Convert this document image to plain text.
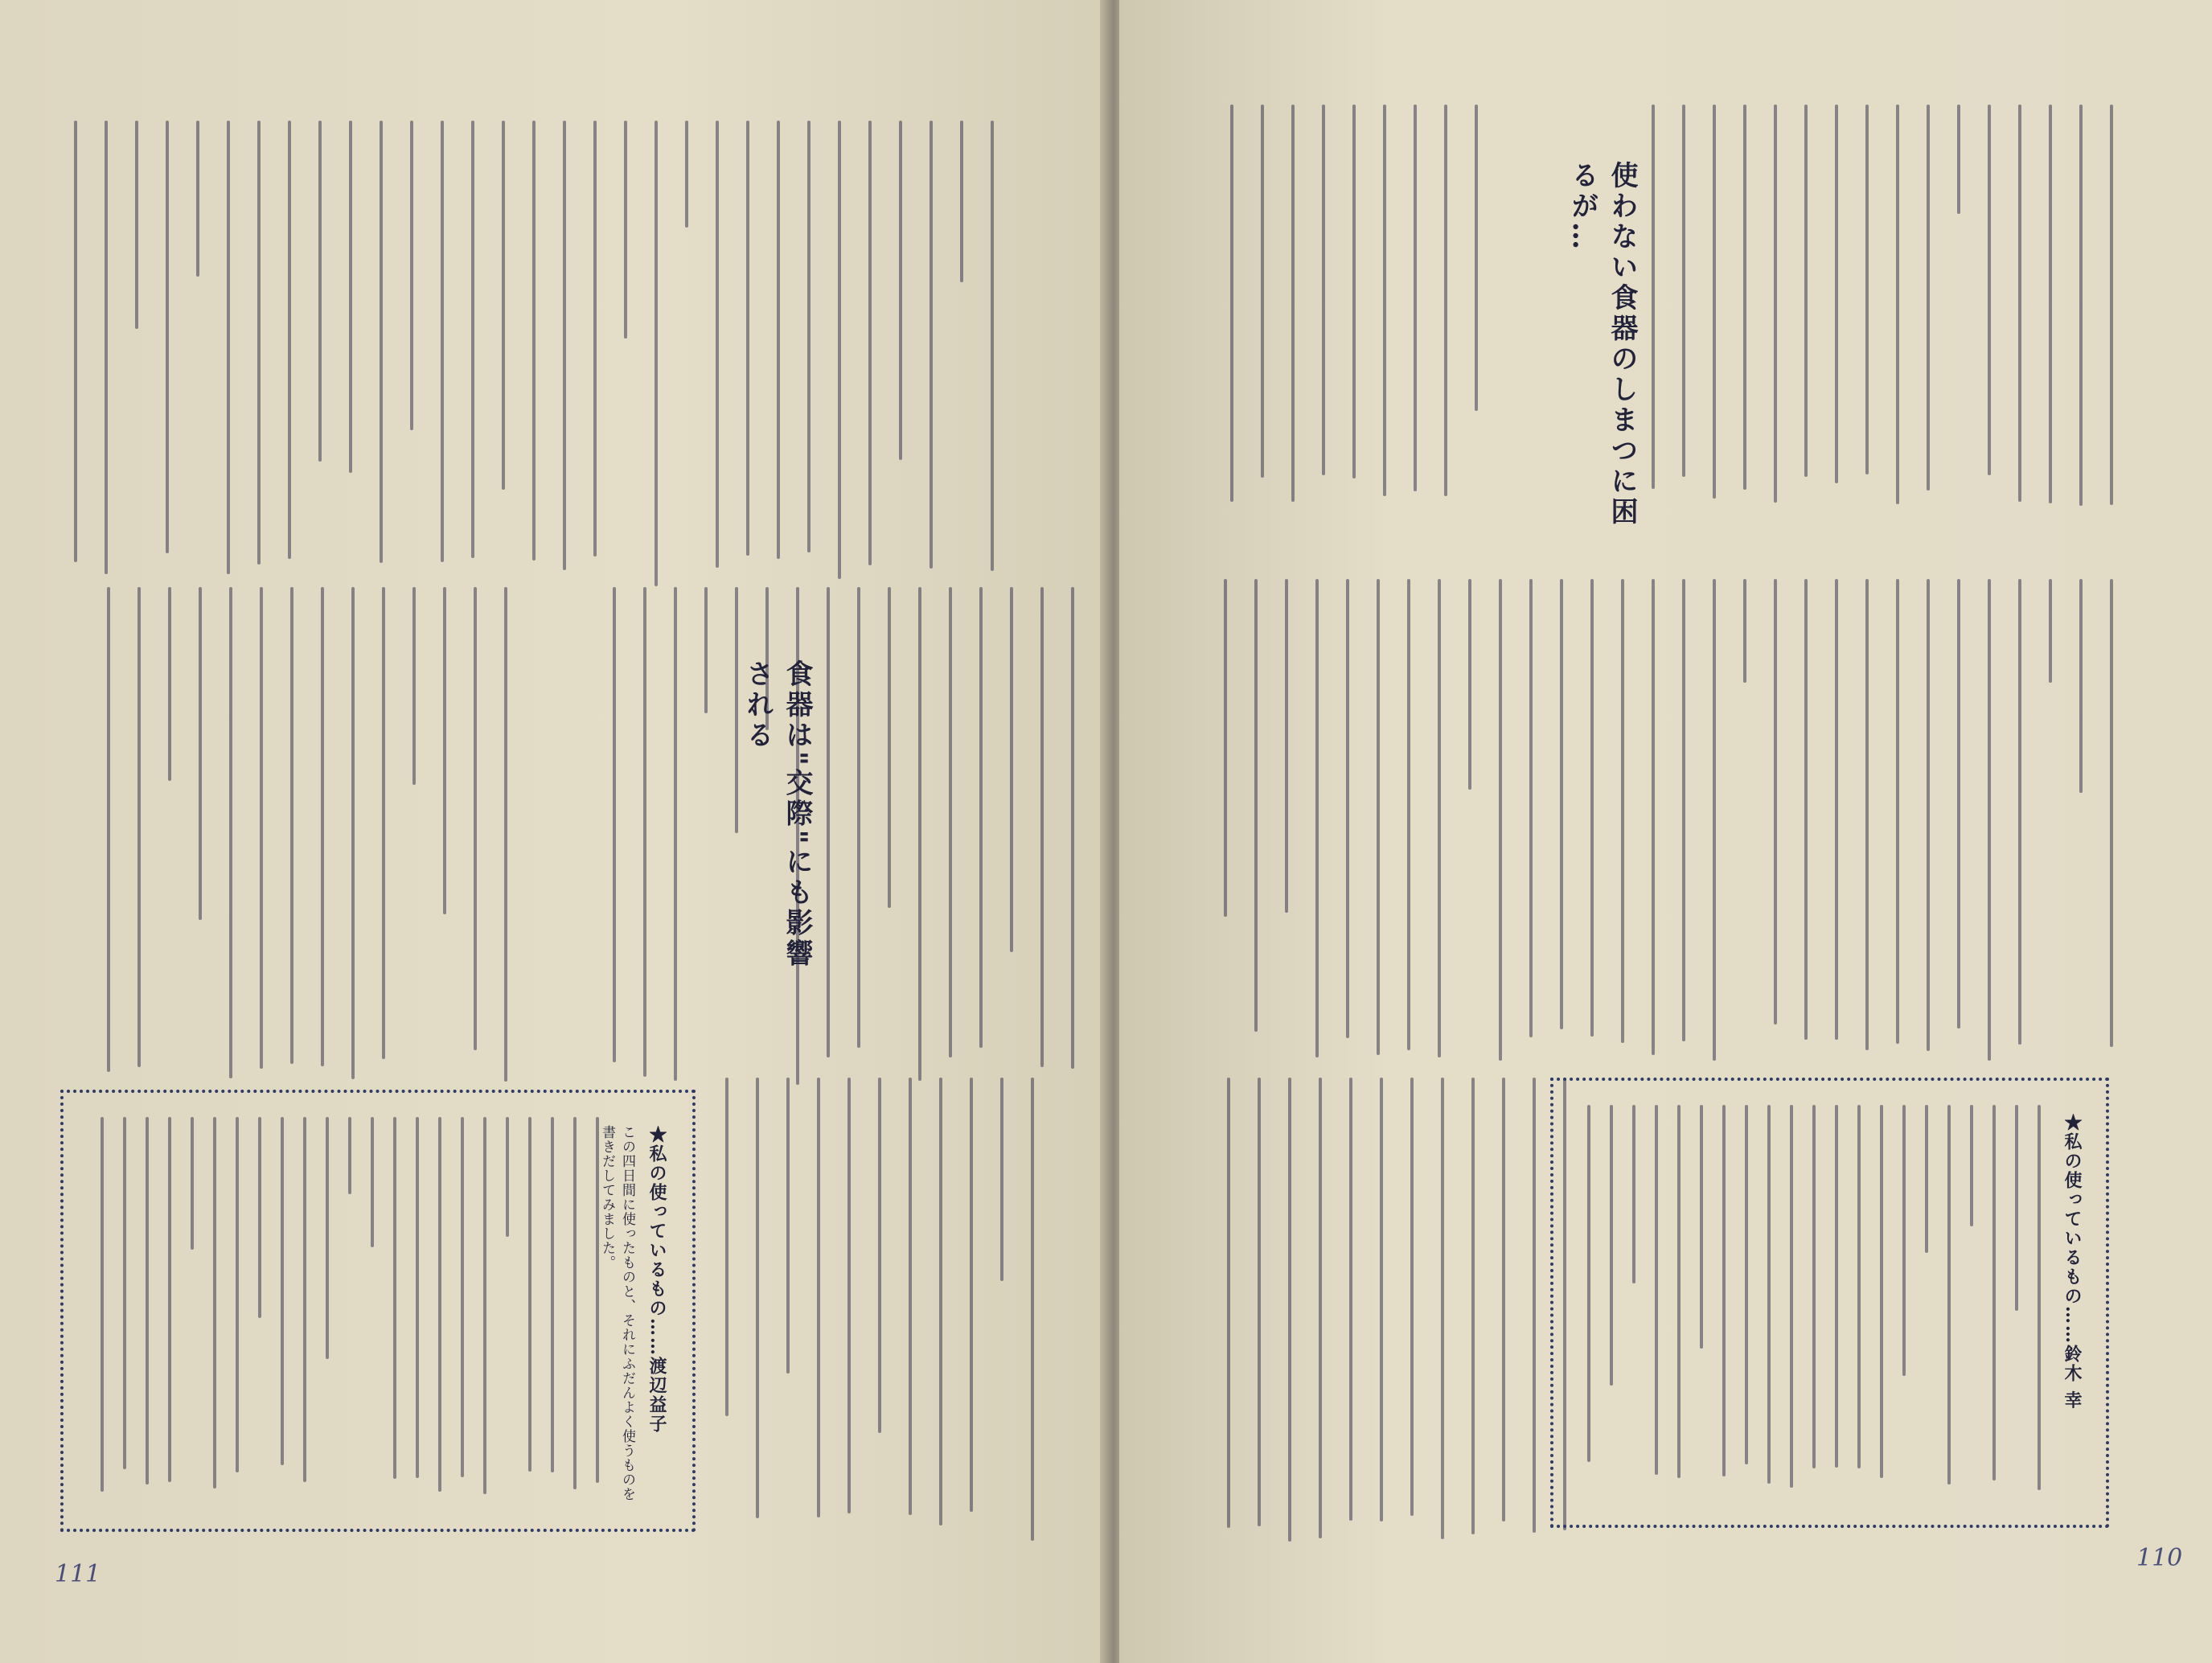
食器は"交際"にも影響される
★私の使っているもの……渡辺益子
この四日間に使ったものと、それにふだんよく使うものを書きだしてみました。
111
使わない食器のしまつに困るが…
★私の使っているもの……鈴木 幸
110
